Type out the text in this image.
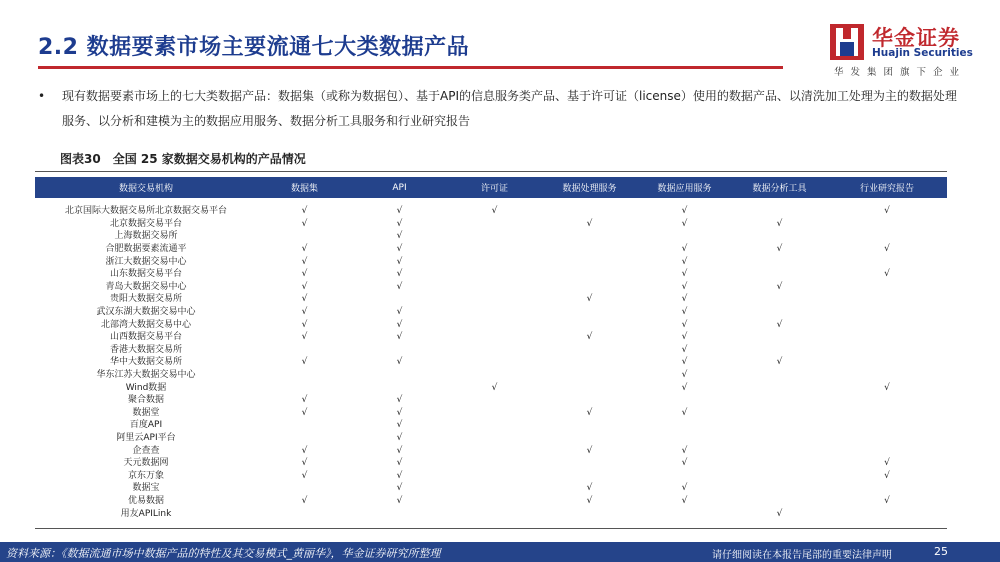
2.2 数据要素市场主要流通七大类数据产品	华金证券
Huajin Securities
华发集团旗下企业
• 现有数据要素市场上的七大类数据产品：数据集（或称为数据包）、基于API的信息服务类产品、基于许可证（license）使用的数据产品、以清洗加工处理为主的数据处理服务、以分析和建模为主的数据应用服务、数据分析工具服务和行业研究报告
图表30 全国 25 家数据交易机构的产品情况
数据交易机构	数据集	API	许可证	数据处理服务	数据应用服务	数据分析工具	行业研究报告

北京国际大数据交易所北京数据交易平台	√	√	√		√		√
北京数据交易平台	√	√		√	√	√	
上海数据交易所		√					
合肥数据要素流通平	√	√			√	√	√
浙江大数据交易中心	√	√			√		
山东数据交易平台	√	√			√		√
青岛大数据交易中心	√	√			√	√	
贵阳大数据交易所	√			√	√		
武汉东湖大数据交易中心	√	√			√		
北部湾大数据交易中心	√	√			√	√	
山西数据交易平台	√	√		√	√		
香港大数据交易所					√		
华中大数据交易所	√	√			√	√	
华东江苏大数据交易中心					√		
Wind数据			√		√		√
聚合数据	√	√					
数据堂	√	√		√	√		
百度API		√					
阿里云API平台		√					
企查查	√	√		√	√		
天元数据网	√	√			√		√
京东万象	√	√					√
数据宝		√		√	√		
优易数据	√	√		√	√		√
用友APILink						√	
资料来源：《数据流通市场中数据产品的特性及其交易模式_黄丽华》，华金证券研究所整理	请仔细阅读在本报告尾部的重要法律声明	25
